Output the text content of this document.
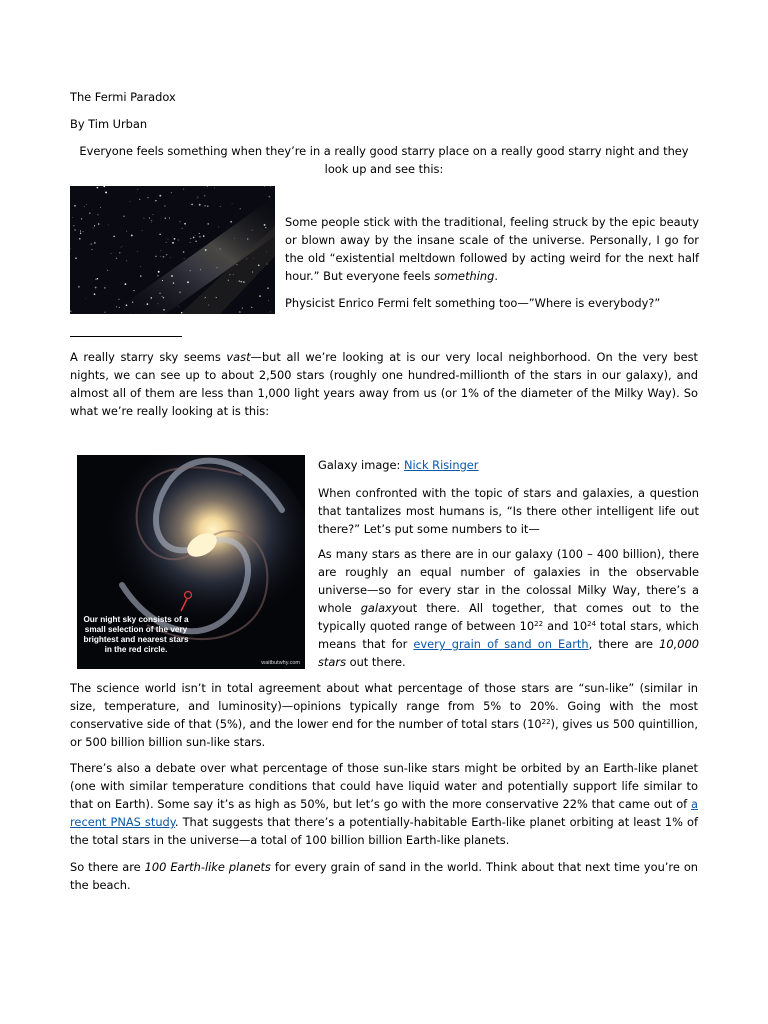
The Fermi Paradox

By Tim Urban

Everyone feels something when they’re in a really good starry place on a really good starry night and they look up and see this:

Some people stick with the traditional, feeling struck by the epic beauty or blown away by the insane scale of the universe. Personally, I go for the old “existential meltdown followed by acting weird for the next half hour.” But everyone feels something.

Physicist Enrico Fermi felt something too—”Where is everybody?”

A really starry sky seems vast—but all we’re looking at is our very local neighborhood. On the very best nights, we can see up to about 2,500 stars (roughly one hundred-millionth of the stars in our galaxy), and almost all of them are less than 1,000 light years away from us (or 1% of the diameter of the Milky Way). So what we’re really looking at is this:

Our night sky consists of a small selection of the very brightest and nearest stars in the red circle.
waitbutwhy.com

Galaxy image: Nick Risinger

When confronted with the topic of stars and galaxies, a question that tantalizes most humans is, “Is there other intelligent life out there?” Let’s put some numbers to it—

As many stars as there are in our galaxy (100 – 400 billion), there are roughly an equal number of galaxies in the observable universe—so for every star in the colossal Milky Way, there’s a whole galaxyout there. All together, that comes out to the typically quoted range of between $10^{22}$ and $10^{24}$ total stars, which means that for every grain of sand on Earth, there are 10,000 stars out there.

The science world isn’t in total agreement about what percentage of those stars are “sun-like” (similar in size, temperature, and luminosity)—opinions typically range from 5% to 20%. Going with the most conservative side of that (5%), and the lower end for the number of total stars $(10^{22})$, gives us 500 quintillion, or 500 billion billion sun-like stars.

There’s also a debate over what percentage of those sun-like stars might be orbited by an Earth-like planet (one with similar temperature conditions that could have liquid water and potentially support life similar to that on Earth). Some say it’s as high as 50%, but let’s go with the more conservative 22% that came out of a recent PNAS study. That suggests that there’s a potentially-habitable Earth-like planet orbiting at least 1% of the total stars in the universe—a total of 100 billion billion Earth-like planets.

So there are 100 Earth-like planets for every grain of sand in the world. Think about that next time you’re on the beach.
